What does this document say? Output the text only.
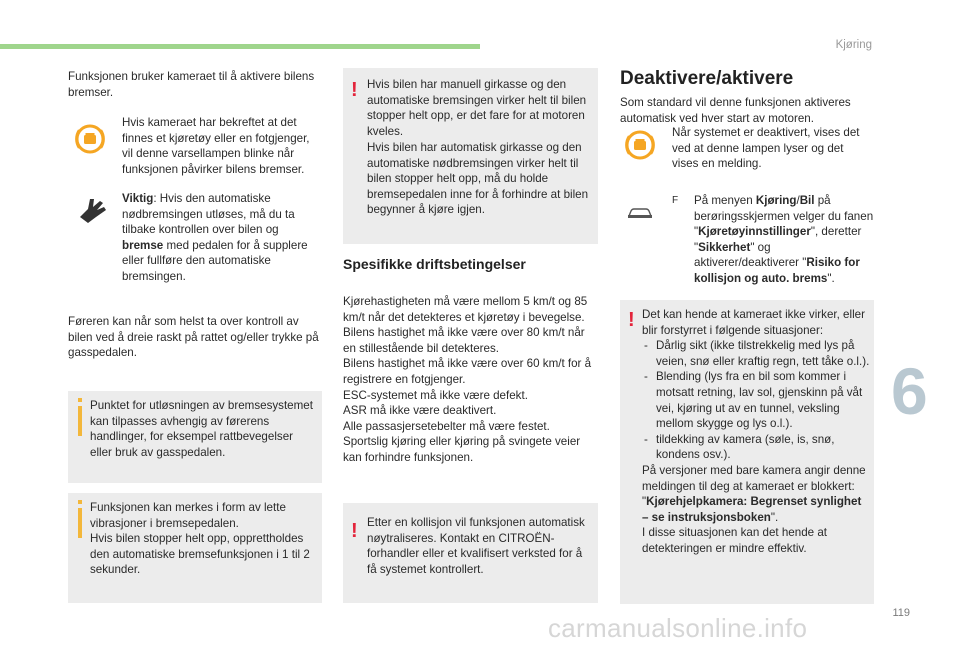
Kjøring
6
119

Funksjonen bruker kameraet til å aktivere bilens bremser.

Hvis kameraet har bekreftet at det finnes et kjøretøy eller en fotgjenger, vil denne varsellampen blinke når funksjonen påvirker bilens bremser.

Viktig: Hvis den automatiske nødbremsingen utløses, må du ta tilbake kontrollen over bilen og bremse med pedalen for å supplere eller fullføre den automatiske bremsingen.

Føreren kan når som helst ta over kontroll av bilen ved å dreie raskt på rattet og/eller trykke på gasspedalen.

Punktet for utløsningen av bremsesystemet kan tilpasses avhengig av førerens handlinger, for eksempel rattbevegelser eller bruk av gasspedalen.

Funksjonen kan merkes i form av lette vibrasjoner i bremsepedalen.

Hvis bilen stopper helt opp, opprettholdes den automatiske bremsefunksjonen i 1 til 2 sekunder.

! Hvis bilen har manuell girkasse og den automatiske bremsingen virker helt til bilen stopper helt opp, er det fare for at motoren kveles.

Hvis bilen har automatisk girkasse og den automatiske nødbremsingen virker helt til bilen stopper helt opp, må du holde bremsepedalen inne for å forhindre at bilen begynner å kjøre igjen.

Spesifikke driftsbetingelser

Kjørehastigheten må være mellom 5 km/t og 85 km/t når det detekteres et kjøretøy i bevegelse.

Bilens hastighet må ikke være over 80 km/t når en stillestående bil detekteres.

Bilens hastighet må ikke være over 60 km/t for å registrere en fotgjenger.

ESC-systemet må ikke være defekt.

ASR må ikke være deaktivert.

Alle passasjersetebelter må være festet.

Sportslig kjøring eller kjøring på svingete veier kan forhindre funksjonen.

! Etter en kollisjon vil funksjonen automatisk nøytraliseres. Kontakt en CITROËN-forhandler eller et kvalifisert verksted for å få systemet kontrollert.

Deaktivere/aktivere

Som standard vil denne funksjonen aktiveres automatisk ved hver start av motoren.

Når systemet er deaktivert, vises det ved at denne lampen lyser og det vises en melding.

F	På menyen Kjøring/Bil på berøringsskjermen velger du fanen "Kjøretøyinnstillinger", deretter "Sikkerhet" og aktiverer/deaktiverer "Risiko for kollisjon og auto. brems".

! Det kan hende at kameraet ikke virker, eller blir forstyrret i følgende situasjoner:

- Dårlig sikt (ikke tilstrekkelig med lys på veien, snø eller kraftig regn, tett tåke o.l.).
- Blending (lys fra en bil som kommer i motsatt retning, lav sol, gjenskinn på våt vei, kjøring ut av en tunnel, veksling mellom skygge og lys o.l.).
- tildekking av kamera (søle, is, snø, kondens osv.).

På versjoner med bare kamera angir denne meldingen til deg at kameraet er blokkert: "Kjørehjelpkamera: Begrenset synlighet – se instruksjonsboken".

I disse situasjonen kan det hende at detekteringen er mindre effektiv.

carmanualsonline.info
